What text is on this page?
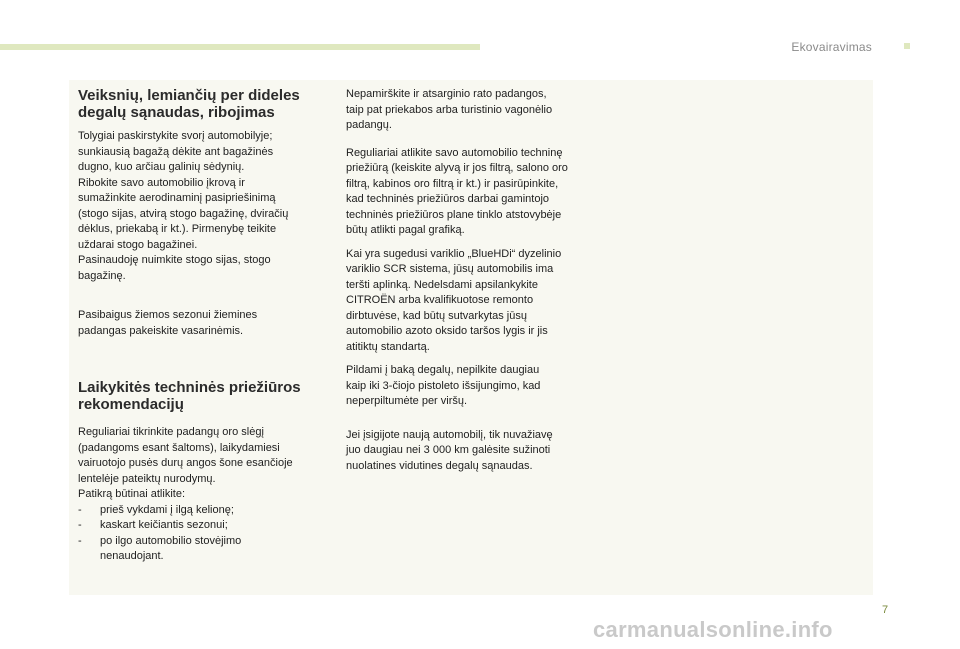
Ekovairavimas
Veiksnių, lemiančių per dideles
degalų sąnaudas, ribojimas

Tolygiai paskirstykite svorį automobilyje;
sunkiausią bagažą dėkite ant bagažinės
dugno, kuo arčiau galinių sėdynių.
Ribokite savo automobilio įkrovą ir
sumažinkite aerodinaminį pasipriešinimą
(stogo sijas, atvirą stogo bagažinę, dviračių
dėklus, priekabą ir kt.). Pirmenybę teikite
uždarai stogo bagažinei.
Pasinaudoję nuimkite stogo sijas, stogo
bagažinę.

Pasibaigus žiemos sezonui žiemines
padangas pakeiskite vasarinėmis.

Laikykitės techninės priežiūros
rekomendacijų

Reguliariai tikrinkite padangų oro slėgį
(padangoms esant šaltoms), laikydamiesi
vairuotojo pusės durų angos šone esančioje
lentelėje pateiktų nurodymų.
Patikrą būtinai atlikite:

-	prieš vykdami į ilgą kelionę;
-	kaskart keičiantis sezonui;
-	po ilgo automobilio stovėjimo
nenaudojant.

Nepamirškite ir atsarginio rato padangos,
taip pat priekabos arba turistinio vagonėlio
padangų.

Reguliariai atlikite savo automobilio techninę
priežiūrą (keiskite alyvą ir jos filtrą, salono oro
filtrą, kabinos oro filtrą ir kt.) ir pasirūpinkite,
kad techninės priežiūros darbai gamintojo
techninės priežiūros plane tinklo atstovybėje
būtų atlikti pagal grafiką.

Kai yra sugedusi variklio „BlueHDi“ dyzelinio
variklio SCR sistema, jūsų automobilis ima
teršti aplinką. Nedelsdami apsilankykite
CITROËN arba kvalifikuotose remonto
dirbtuvėse, kad būtų sutvarkytas jūsų
automobilio azoto oksido taršos lygis ir jis
atitiktų standartą.

Pildami į baką degalų, nepilkite daugiau
kaip iki 3-čiojo pistoleto išsijungimo, kad
neperpiltumėte per viršų.

Jei įsigijote naują automobilį, tik nuvažiavę
juo daugiau nei 3 000 km galėsite sužinoti
nuolatines vidutines degalų sąnaudas.

7
carmanualsonline.info
